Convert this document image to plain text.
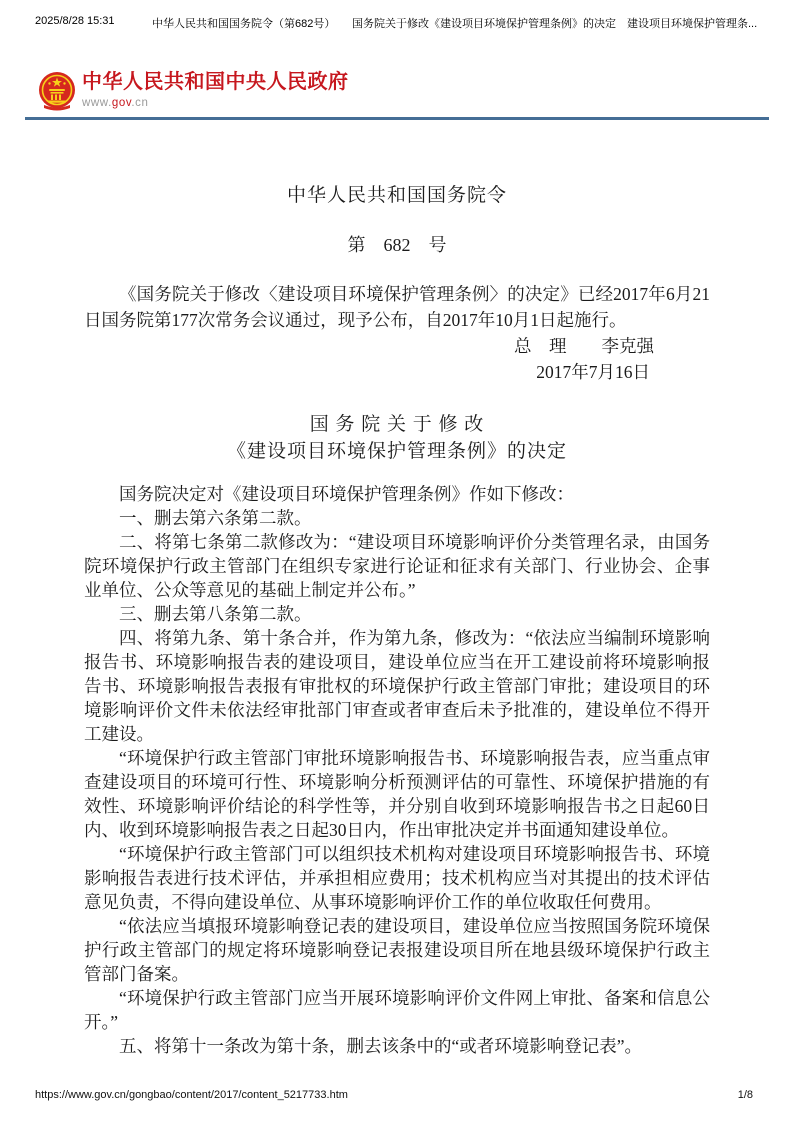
2025/8/28 15:31	中华人民共和国国务院令（第682号） 国务院关于修改《建设项目环境保护管理条例》的决定 建设项目环境保护管理条...
中华人民共和国中央人民政府
www.gov.cn
中华人民共和国国务院令
第　682　号

《国务院关于修改〈建设项目环境保护管理条例〉的决定》已经2017年6月21日国务院第177次常务会议通过，现予公布，自2017年10月1日起施行。

总　理　　李克强
2017年7月16日
国 务 院 关 于 修 改
《建设项目环境保护管理条例》的决定

国务院决定对《建设项目环境保护管理条例》作如下修改：

一、删去第六条第二款。

二、将第七条第二款修改为：“建设项目环境影响评价分类管理名录，由国务院环境保护行政主管部门在组织专家进行论证和征求有关部门、行业协会、企事业单位、公众等意见的基础上制定并公布。”

三、删去第八条第二款。

四、将第九条、第十条合并，作为第九条，修改为：“依法应当编制环境影响报告书、环境影响报告表的建设项目，建设单位应当在开工建设前将环境影响报告书、环境影响报告表报有审批权的环境保护行政主管部门审批；建设项目的环境影响评价文件未依法经审批部门审查或者审查后未予批准的，建设单位不得开工建设。

“环境保护行政主管部门审批环境影响报告书、环境影响报告表，应当重点审查建设项目的环境可行性、环境影响分析预测评估的可靠性、环境保护措施的有效性、环境影响评价结论的科学性等，并分别自收到环境影响报告书之日起60日内、收到环境影响报告表之日起30日内，作出审批决定并书面通知建设单位。

“环境保护行政主管部门可以组织技术机构对建设项目环境影响报告书、环境影响报告表进行技术评估，并承担相应费用；技术机构应当对其提出的技术评估意见负责，不得向建设单位、从事环境影响评价工作的单位收取任何费用。

“依法应当填报环境影响登记表的建设项目，建设单位应当按照国务院环境保护行政主管部门的规定将环境影响登记表报建设项目所在地县级环境保护行政主管部门备案。

“环境保护行政主管部门应当开展环境影响评价文件网上审批、备案和信息公开。”

五、将第十一条改为第十条，删去该条中的“或者环境影响登记表”。

https://www.gov.cn/gongbao/content/2017/content_5217733.htm	1/8
